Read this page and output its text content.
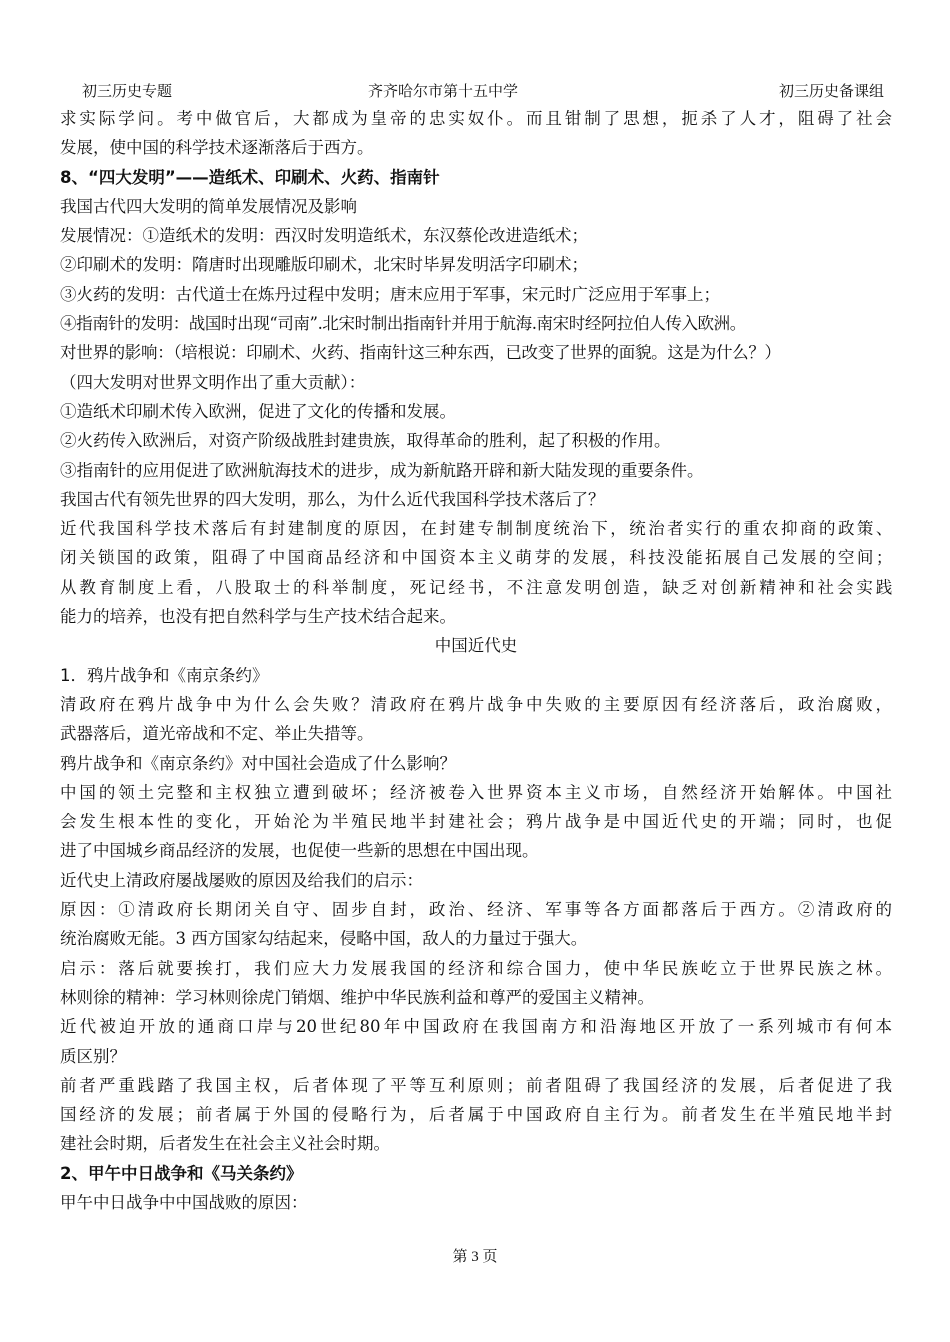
初三历史专题	齐齐哈尔市第十五中学	初三历史备课组

求实际学问。考中做官后，大都成为皇帝的忠实奴仆。而且钳制了思想，扼杀了人才，阻碍了社会

发展，使中国的科学技术逐渐落后于西方。

8、“四大发明”——造纸术、印刷术、火药、指南针

我国古代四大发明的简单发展情况及影响

发展情况：①造纸术的发明：西汉时发明造纸术，东汉蔡伦改进造纸术；

②印刷术的发明：隋唐时出现雕版印刷术，北宋时毕昇发明活字印刷术；

③火药的发明：古代道士在炼丹过程中发明；唐末应用于军事，宋元时广泛应用于军事上；

④指南针的发明：战国时出现“司南”.北宋时制出指南针并用于航海.南宋时经阿拉伯人传入欧洲。

对世界的影响：（培根说：印刷术、火药、指南针这三种东西，已改变了世界的面貌。这是为什么？）

（四大发明对世界文明作出了重大贡献）：

①造纸术印刷术传入欧洲，促进了文化的传播和发展。

②火药传入欧洲后，对资产阶级战胜封建贵族，取得革命的胜利，起了积极的作用。

③指南针的应用促进了欧洲航海技术的进步，成为新航路开辟和新大陆发现的重要条件。

我国古代有领先世界的四大发明，那么，为什么近代我国科学技术落后了？

近代我国科学技术落后有封建制度的原因，在封建专制制度统治下，统治者实行的重农抑商的政策、

闭关锁国的政策，阻碍了中国商品经济和中国资本主义萌芽的发展，科技没能拓展自己发展的空间；

从教育制度上看，八股取士的科举制度，死记经书，不注意发明创造，缺乏对创新精神和社会实践

能力的培养，也没有把自然科学与生产技术结合起来。

中国近代史

1．鸦片战争和《南京条约》

清政府在鸦片战争中为什么会失败？清政府在鸦片战争中失败的主要原因有经济落后，政治腐败，

武器落后，道光帝战和不定、举止失措等。

鸦片战争和《南京条约》对中国社会造成了什么影响？

中国的领土完整和主权独立遭到破坏；经济被卷入世界资本主义市场，自然经济开始解体。中国社

会发生根本性的变化，开始沦为半殖民地半封建社会；鸦片战争是中国近代史的开端；同时，也促

进了中国城乡商品经济的发展，也促使一些新的思想在中国出现。

近代史上清政府屡战屡败的原因及给我们的启示：

原因：①清政府长期闭关自守、固步自封，政治、经济、军事等各方面都落后于西方。②清政府的

统治腐败无能。3 西方国家勾结起来，侵略中国，敌人的力量过于强大。

启示：落后就要挨打，我们应大力发展我国的经济和综合国力，使中华民族屹立于世界民族之林。

林则徐的精神：学习林则徐虎门销烟、维护中华民族利益和尊严的爱国主义精神。

近代被迫开放的通商口岸与20世纪80年中国政府在我国南方和沿海地区开放了一系列城市有何本

质区别？

前者严重践踏了我国主权，后者体现了平等互利原则；前者阻碍了我国经济的发展，后者促进了我

国经济的发展；前者属于外国的侵略行为，后者属于中国政府自主行为。前者发生在半殖民地半封

建社会时期，后者发生在社会主义社会时期。

2、甲午中日战争和《马关条约》

甲午中日战争中中国战败的原因：

第 3 页
